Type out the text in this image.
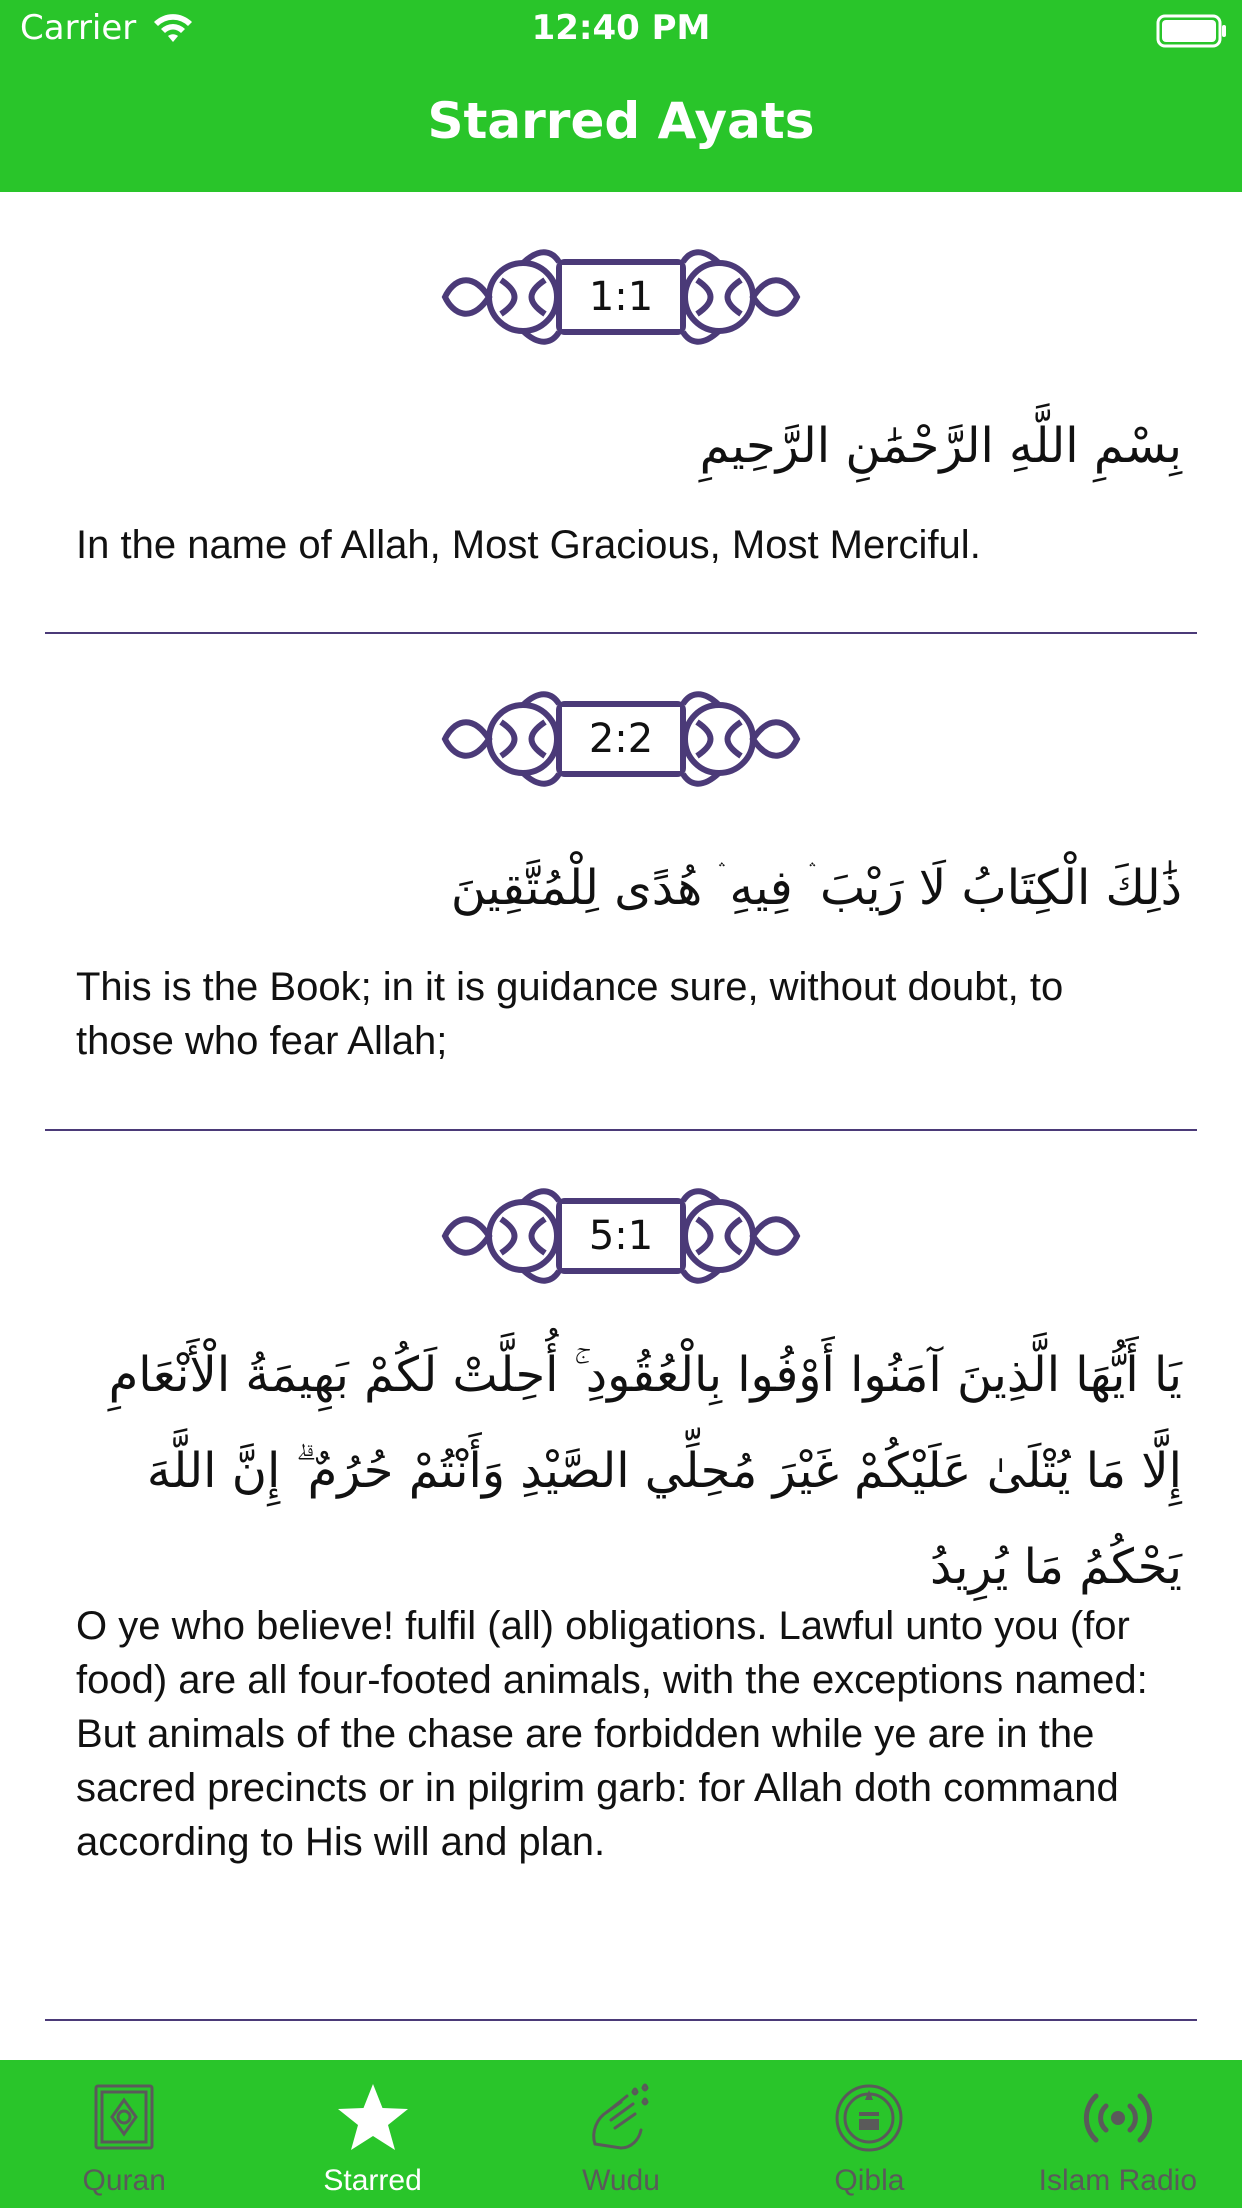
Carrier	12:40 PM
Starred Ayats
1:1
بِسْمِ اللَّهِ الرَّحْمَٰنِ الرَّحِيمِ
In the name of Allah, Most Gracious, Most Merciful.
2:2
ذَٰلِكَ الْكِتَابُ لَا رَيْبَ ۛ فِيهِ ۛ هُدًى لِلْمُتَّقِينَ
This is the Book; in it is guidance sure, without doubt, to those who fear Allah;
5:1
يَا أَيُّهَا الَّذِينَ آمَنُوا أَوْفُوا بِالْعُقُودِ ۚ أُحِلَّتْ لَكُمْ بَهِيمَةُ الْأَنْعَامِ إِلَّا مَا يُتْلَىٰ عَلَيْكُمْ غَيْرَ مُحِلِّي الصَّيْدِ وَأَنْتُمْ حُرُمٌ ۗ إِنَّ اللَّهَ يَحْكُمُ مَا يُرِيدُ
O ye who believe! fulfil (all) obligations. Lawful unto you (for food) are all four-footed animals, with the exceptions named: But animals of the chase are forbidden while ye are in the sacred precincts or in pilgrim garb: for Allah doth command according to His will and plan.
Quran	Starred	Wudu	Qibla	Islam Radio
